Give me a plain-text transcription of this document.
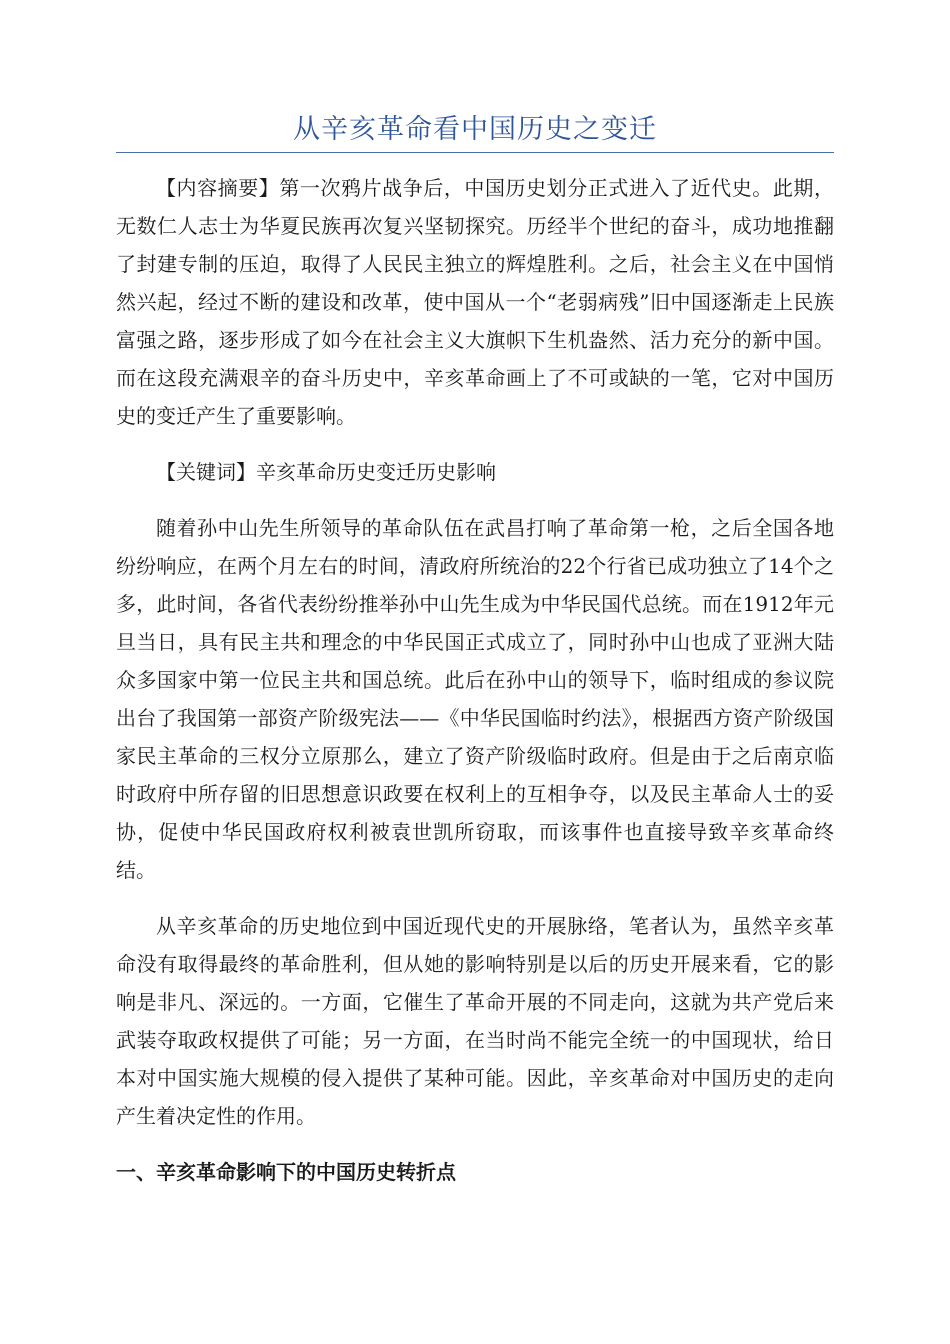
从辛亥革命看中国历史之变迁

【内容摘要】第一次鸦片战争后，中国历史划分正式进入了近代史。此期，无数仁人志士为华夏民族再次复兴坚韧探究。历经半个世纪的奋斗，成功地推翻了封建专制的压迫，取得了人民民主独立的辉煌胜利。之后，社会主义在中国悄然兴起，经过不断的建设和改革，使中国从一个“老弱病残”旧中国逐渐走上民族富强之路，逐步形成了如今在社会主义大旗帜下生机盎然、活力充分的新中国。而在这段充满艰辛的奋斗历史中，辛亥革命画上了不可或缺的一笔，它对中国历史的变迁产生了重要影响。

【关键词】辛亥革命历史变迁历史影响

随着孙中山先生所领导的革命队伍在武昌打响了革命第一枪，之后全国各地纷纷响应，在两个月左右的时间，清政府所统治的22个行省已成功独立了14个之多，此时间，各省代表纷纷推举孙中山先生成为中华民国代总统。而在1912年元旦当日，具有民主共和理念的中华民国正式成立了，同时孙中山也成了亚洲大陆众多国家中第一位民主共和国总统。此后在孙中山的领导下，临时组成的参议院出台了我国第一部资产阶级宪法——《中华民国临时约法》，根据西方资产阶级国家民主革命的三权分立原那么，建立了资产阶级临时政府。但是由于之后南京临时政府中所存留的旧思想意识政要在权利上的互相争夺，以及民主革命人士的妥协，促使中华民国政府权利被袁世凯所窃取，而该事件也直接导致辛亥革命终结。

从辛亥革命的历史地位到中国近现代史的开展脉络，笔者认为，虽然辛亥革命没有取得最终的革命胜利，但从她的影响特别是以后的历史开展来看，它的影响是非凡、深远的。一方面，它催生了革命开展的不同走向，这就为共产党后来武装夺取政权提供了可能；另一方面，在当时尚不能完全统一的中国现状，给日本对中国实施大规模的侵入提供了某种可能。因此，辛亥革命对中国历史的走向产生着决定性的作用。

一、辛亥革命影响下的中国历史转折点
